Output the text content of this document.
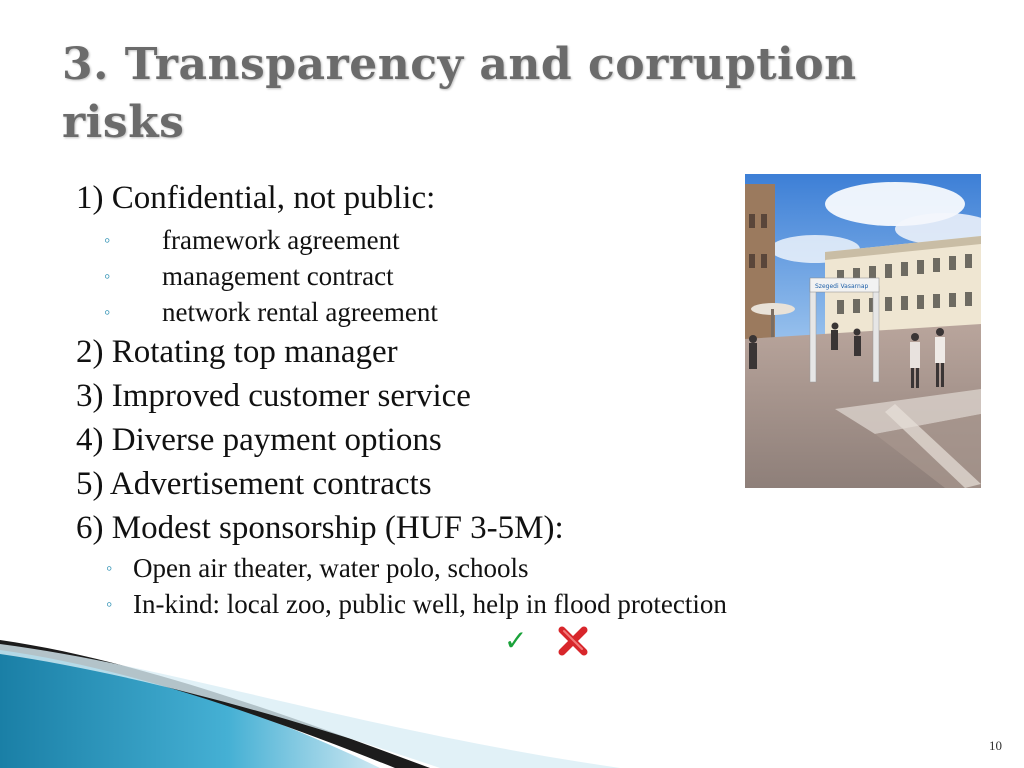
3. Transparency and corruption risks
1) Confidential, not public:
◦ framework agreement
◦ management contract
◦ network rental agreement
2) Rotating top manager
3) Improved customer service
4) Diverse payment options
5) Advertisement contracts
6) Modest sponsorship (HUF 3-5M):
◦ Open air theater, water polo, schools
◦ In-kind: local zoo, public well, help in flood protection
Szegedi Vasarnap
✓
10
